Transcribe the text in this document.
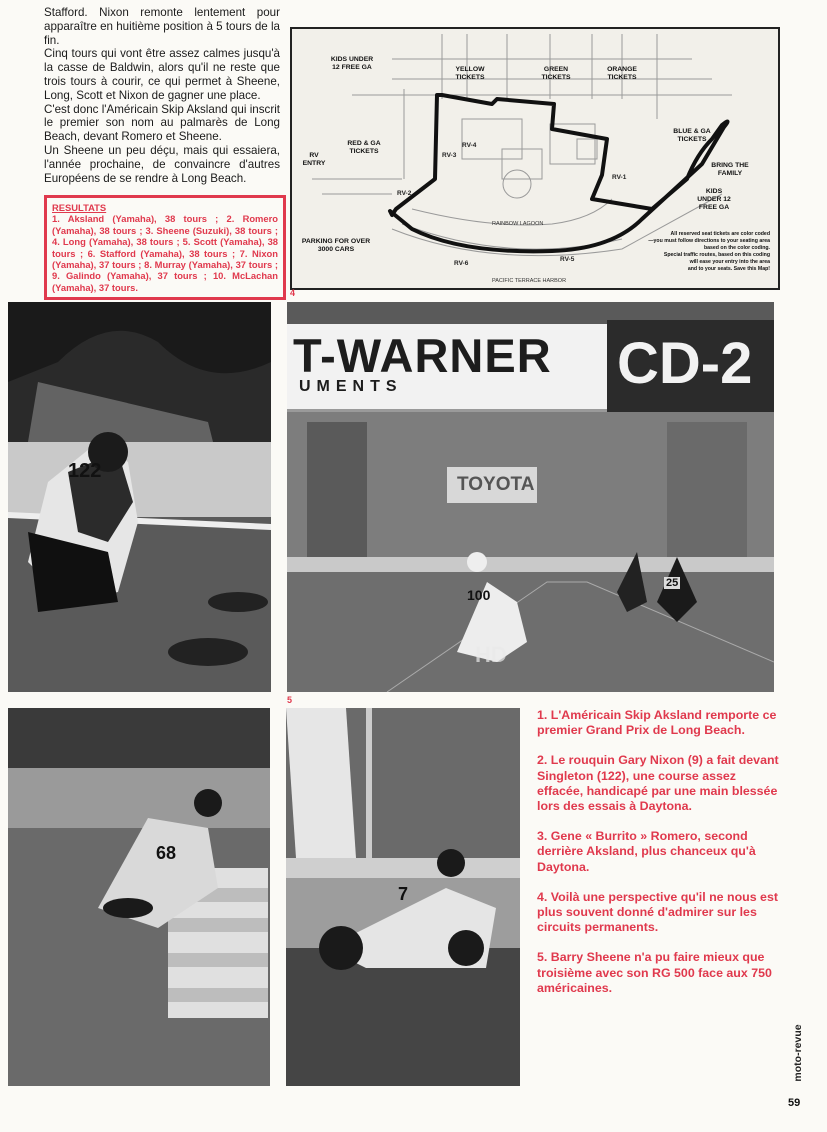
Stafford. Nixon remonte lentement pour apparaître en huitième position à 5 tours de la fin.

Cinq tours qui vont être assez calmes jusqu'à la casse de Baldwin, alors qu'il ne reste que trois tours à courir, ce qui permet à Sheene, Long, Scott et Nixon de gagner une place.

C'est donc l'Américain Skip Aksland qui inscrit le premier son nom au palmarès de Long Beach, devant Romero et Sheene.

Un Sheene un peu déçu, mais qui essaiera, l'année prochaine, de convaincre d'autres Européens de se rendre à Long Beach.

RESULTATS
1. Aksland (Yamaha), 38 tours ; 2. Romero (Yamaha), 38 tours ; 3. Sheene (Suzuki), 38 tours ; 4. Long (Yamaha), 38 tours ; 5. Scott (Yamaha), 38 tours ; 6. Stafford (Yamaha), 38 tours ; 7. Nixon (Yamaha), 37 tours ; 8. Murray (Yamaha), 37 tours ; 9. Galindo (Yamaha), 37 tours ; 10. McLachan (Yamaha), 37 tours.
RV-1
RV-2
RV-3
RV-4
RV-5
RV-6
RAINBOW LAGOON
PACIFIC TERRACE HARBOR
KIDS UNDER
12 FREE GA	YELLOW
TICKETS
GREEN
TICKETS
ORANGE
TICKETS
BLUE & GA
TICKETS
BRING THE
FAMILY
KIDS
UNDER 12
FREE GA
RV
ENTRY
RED & GA
TICKETS
PARKING FOR OVER
3000 CARS
All reserved seat tickets are color coded
—you must follow directions to your seating area
based on the color coding.
Special traffic routes, based on this coding
will ease your entry into the area
and to your seats. Save this Map!
4
122
T-WARNER
UMENTS	CD-2
TOYOTA
100
25
HD
5
68
7

1. L'Américain Skip Aksland remporte ce premier Grand Prix de Long Beach.

2. Le rouquin Gary Nixon (9) a fait devant Singleton (122), une course assez effacée, handicapé par une main blessée lors des essais à Daytona.

3. Gene « Burrito » Romero, second derrière Aksland, plus chanceux qu'à Daytona.

4. Voilà une perspective qu'il ne nous est plus souvent donné d'admirer sur les circuits permanents.

5. Barry Sheene n'a pu faire mieux que troisième avec son RG 500 face aux 750 américaines.

moto-revue
59
